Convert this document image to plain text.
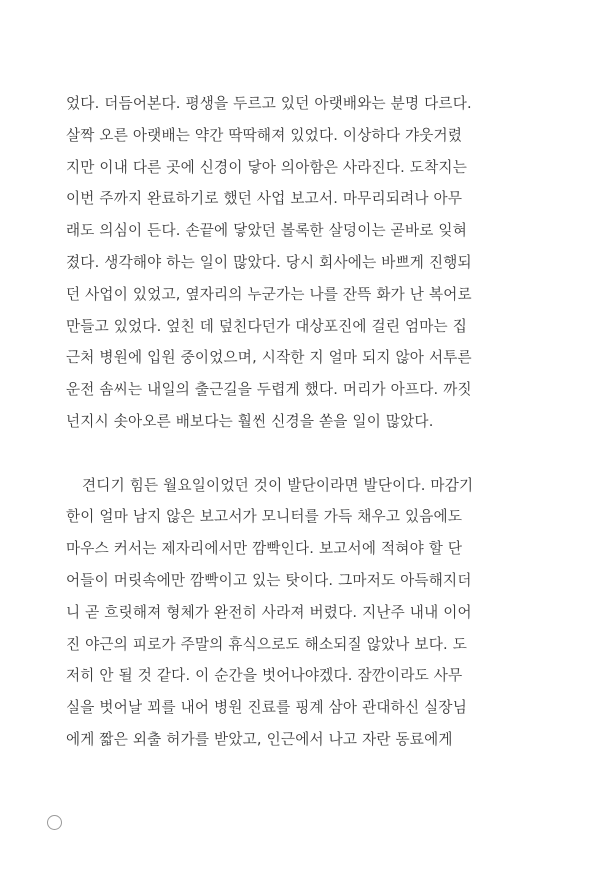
었다. 더듬어본다. 평생을 두르고 있던 아랫배와는 분명 다르다.
살짝 오른 아랫배는 약간 딱딱해져 있었다. 이상하다 갸웃거렸
지만 이내 다른 곳에 신경이 닿아 의아함은 사라진다. 도착지는
이번 주까지 완료하기로 했던 사업 보고서. 마무리되려나 아무
래도 의심이 든다. 손끝에 닿았던 볼록한 살덩이는 곧바로 잊혀
졌다. 생각해야 하는 일이 많았다. 당시 회사에는 바쁘게 진행되
던 사업이 있었고, 옆자리의 누군가는 나를 잔뜩 화가 난 복어로
만들고 있었다. 엎친 데 덮친다던가 대상포진에 걸린 엄마는 집
근처 병원에 입원 중이었으며, 시작한 지 얼마 되지 않아 서투른
운전 솜씨는 내일의 출근길을 두렵게 했다. 머리가 아프다. 까짓
넌지시 솟아오른 배보다는 훨씬 신경을 쏟을 일이 많았다.
견디기 힘든 월요일이었던 것이 발단이라면 발단이다. 마감기
한이 얼마 남지 않은 보고서가 모니터를 가득 채우고 있음에도
마우스 커서는 제자리에서만 깜빡인다. 보고서에 적혀야 할 단
어들이 머릿속에만 깜빡이고 있는 탓이다. 그마저도 아득해지더
니 곧 흐릿해져 형체가 완전히 사라져 버렸다. 지난주 내내 이어
진 야근의 피로가 주말의 휴식으로도 해소되질 않았나 보다. 도
저히 안 될 것 같다. 이 순간을 벗어나야겠다. 잠깐이라도 사무
실을 벗어날 꾀를 내어 병원 진료를 핑계 삼아 관대하신 실장님
에게 짧은 외출 허가를 받았고, 인근에서 나고 자란 동료에게
